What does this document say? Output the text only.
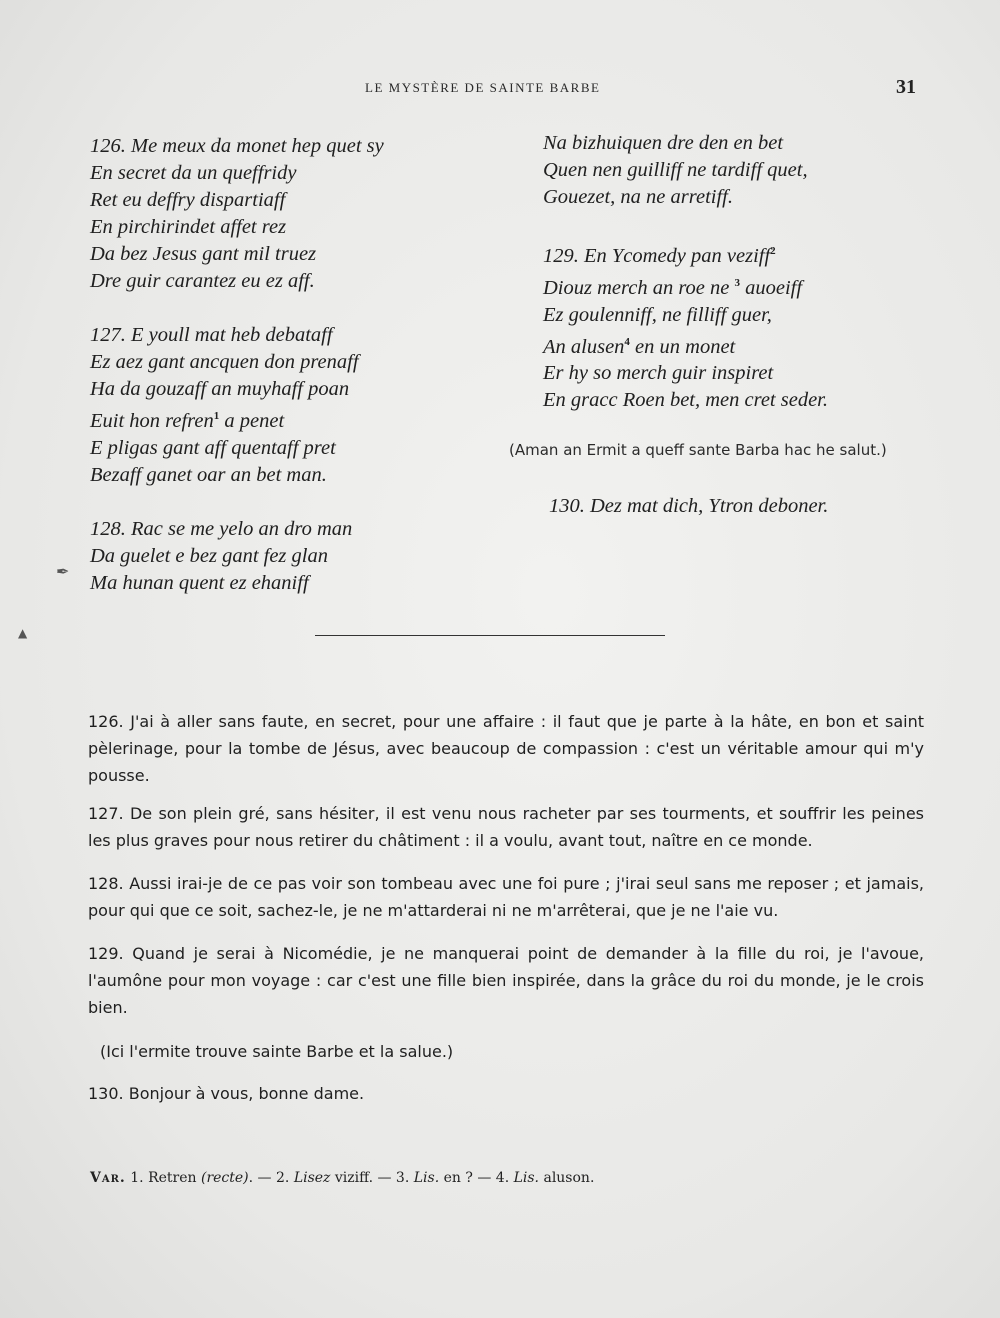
LE MYSTÈRE DE SAINTE BARBE	31
126. Me meux da monet hep quet sy
En secret da un queffridy
Ret eu deffry dispartiaff
En pirchirindet affet rez
Da bez Jesus gant mil truez
Dre guir carantez eu ez aff.
127. E youll mat heb debataff
Ez aez gant ancquen don prenaff
Ha da gouzaff an muyhaff poan
Euit hon refren$^1$ a penet
E pligas gant aff quentaff pret
Bezaff ganet oar an bet man.
128. Rac se me yelo an dro man
Da guelet e bez gant fez glan
Ma hunan quent ez ehaniff
Na bizhuiquen dre den en bet
Quen nen guilliff ne tardiff quet,
Gouezet, na ne arretiff.
129. En Ycomedy pan veziff$^2$
Diouz merch an roe ne $^3$ auoeiff
Ez goulenniff, ne filliff guer,
An alusen$^4$ en un monet
Er hy so merch guir inspiret
En gracc Roen bet, men cret seder.
(Aman an Ermit a queff sante Barba hac he salut.)
130. Dez mat dich, Ytron deboner.
126. J'ai à aller sans faute, en secret, pour une affaire : il faut que je parte à la hâte, en bon et saint pèlerinage, pour la tombe de Jésus, avec beaucoup de compassion : c'est un véritable amour qui m'y pousse.
127. De son plein gré, sans hésiter, il est venu nous racheter par ses tourments, et souffrir les peines les plus graves pour nous retirer du châtiment : il a voulu, avant tout, naître en ce monde.
128. Aussi irai-je de ce pas voir son tombeau avec une foi pure ; j'irai seul sans me reposer ; et jamais, pour qui que ce soit, sachez-le, je ne m'attarderai ni ne m'arrêterai, que je ne l'aie vu.
129. Quand je serai à Nicomédie, je ne manquerai point de demander à la fille du roi, je l'avoue, l'aumône pour mon voyage : car c'est une fille bien inspirée, dans la grâce du roi du monde, je le crois bien.
(Ici l'ermite trouve sainte Barbe et la salue.)
130. Bonjour à vous, bonne dame.
Var. 1. Retren (recte). — 2. Lisez viziff. — 3. Lis. en ? — 4. Lis. aluson.
▲
✒
